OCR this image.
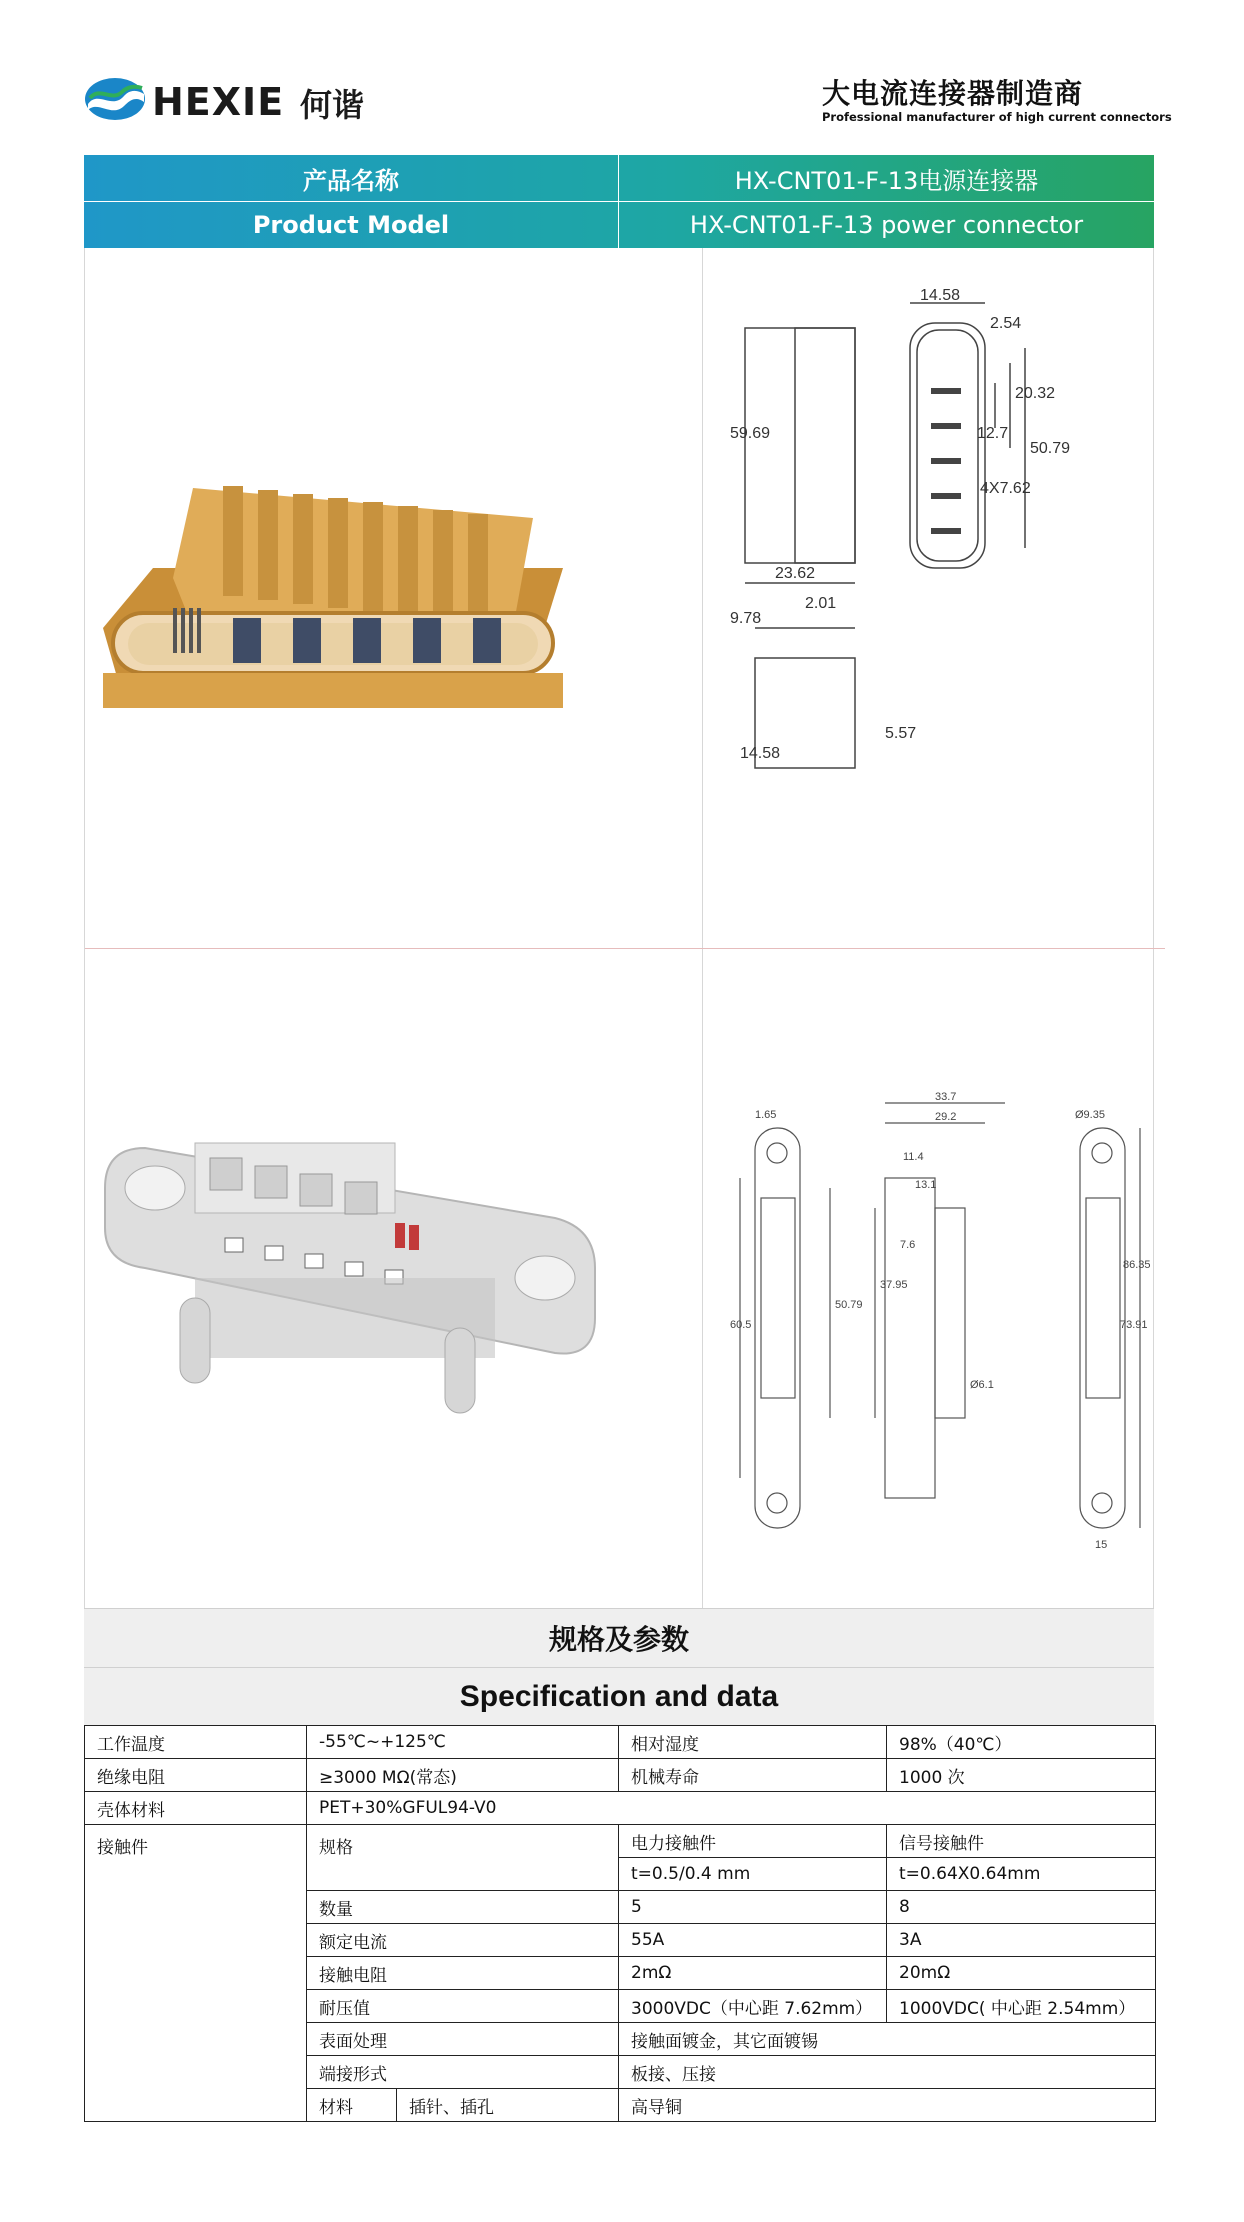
HEXIE 何谐	大电流连接器制造商
Professional manufacturer of high current connectors
产品名称	HX-CNT01-F-13电源连接器
Product Model	HX-CNT01-F-13 power connector
14.58
2.54
59.69
20.32
12.7
50.79
4X7.62
23.62
9.78
2.01
5.57
14.58
1.65
33.7
29.2
11.4
13.1
7.6
60.5
50.79
37.95
Ø6.1
Ø9.35
73.91
86.35
15
规格及参数
Specification and data
工作温度	-55℃~+125℃		相对湿度	98%（40℃）
绝缘电阻	≥3000 MΩ(常态)		机械寿命	1000 次
壳体材料	PET+30%GFUL94-V0			
接触件	规格		电力接触件	信号接触件
			t=0.5/0.4 mm	t=0.64X0.64mm
	数量		5	8
	额定电流		55A	3A
	接触电阻		2mΩ	20mΩ
	耐压值		3000VDC（中心距 7.62mm）	1000VDC( 中心距 2.54mm）
	表面处理		接触面镀金，其它面镀锡	
	端接形式		板接、压接	
	材料	插针、插孔	高导铜	
